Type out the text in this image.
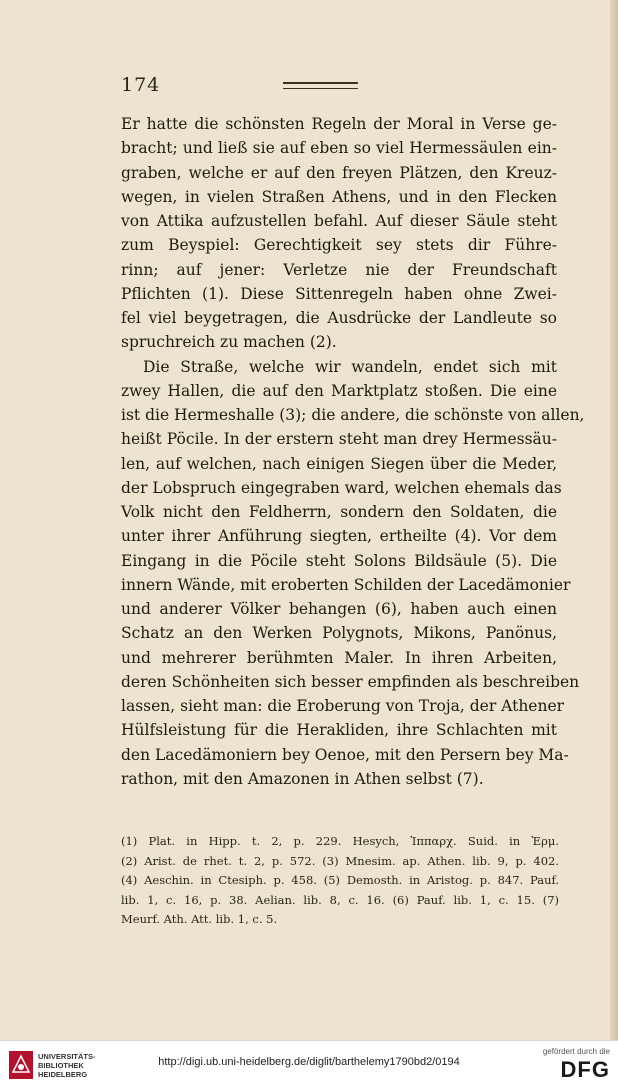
174
Er hatte die schönsten Regeln der Moral in Verse ge-
bracht; und ließ sie auf eben so viel Hermessäulen ein-
graben, welche er auf den freyen Plätzen, den Kreuz-
wegen, in vielen Straßen Athens, und in den Flecken
von Attika aufzustellen befahl. Auf dieser Säule steht
zum Beyspiel: Gerechtigkeit sey stets dir Führe-
rinn; auf jener: Verletze nie der Freundschaft
Pflichten (1). Diese Sittenregeln haben ohne Zwei-
fel viel beygetragen, die Ausdrücke der Landleute so
spruchreich zu machen (2).
Die Straße, welche wir wandeln, endet sich mit
zwey Hallen, die auf den Marktplatz stoßen. Die eine
ist die Hermeshalle (3); die andere, die schönste von allen,
heißt Pöcile. In der erstern steht man drey Hermessäu-
len, auf welchen, nach einigen Siegen über die Meder,
der Lobspruch eingegraben ward, welchen ehemals das
Volk nicht den Feldherrn, sondern den Soldaten, die
unter ihrer Anführung siegten, ertheilte (4). Vor dem
Eingang in die Pöcile steht Solons Bildsäule (5). Die
innern Wände, mit eroberten Schilden der Lacedämonier
und anderer Völker behangen (6), haben auch einen
Schatz an den Werken Polygnots, Mikons, Panönus,
und mehrerer berühmten Maler. In ihren Arbeiten,
deren Schönheiten sich besser empfinden als beschreiben
lassen, sieht man: die Eroberung von Troja, der Athener
Hülfsleistung für die Herakliden, ihre Schlachten mit
den Lacedämoniern bey Oenoe, mit den Persern bey Ma-
rathon, mit den Amazonen in Athen selbst (7).
(1) Plat. in Hipp. t. 2, p. 229. Hesych, Ἱππαρχ. Suid. in Ἑρμ.
(2) Arist. de rhet. t. 2, p. 572. (3) Mnesim. ap. Athen. lib. 9, p. 402.
(4) Aeschin. in Ctesiph. p. 458. (5) Demosth. in Aristog. p. 847. Pauf.
lib. 1, c. 16, p. 38. Aelian. lib. 8, c. 16. (6) Pauf. lib. 1, c. 15. (7)
Meurf. Ath. Att. lib. 1, c. 5.
UNIVERSITÄTS-
BIBLIOTHEK
HEIDELBERG
http://digi.ub.uni-heidelberg.de/diglit/barthelemy1790bd2/0194
gefördert durch die
DFG
